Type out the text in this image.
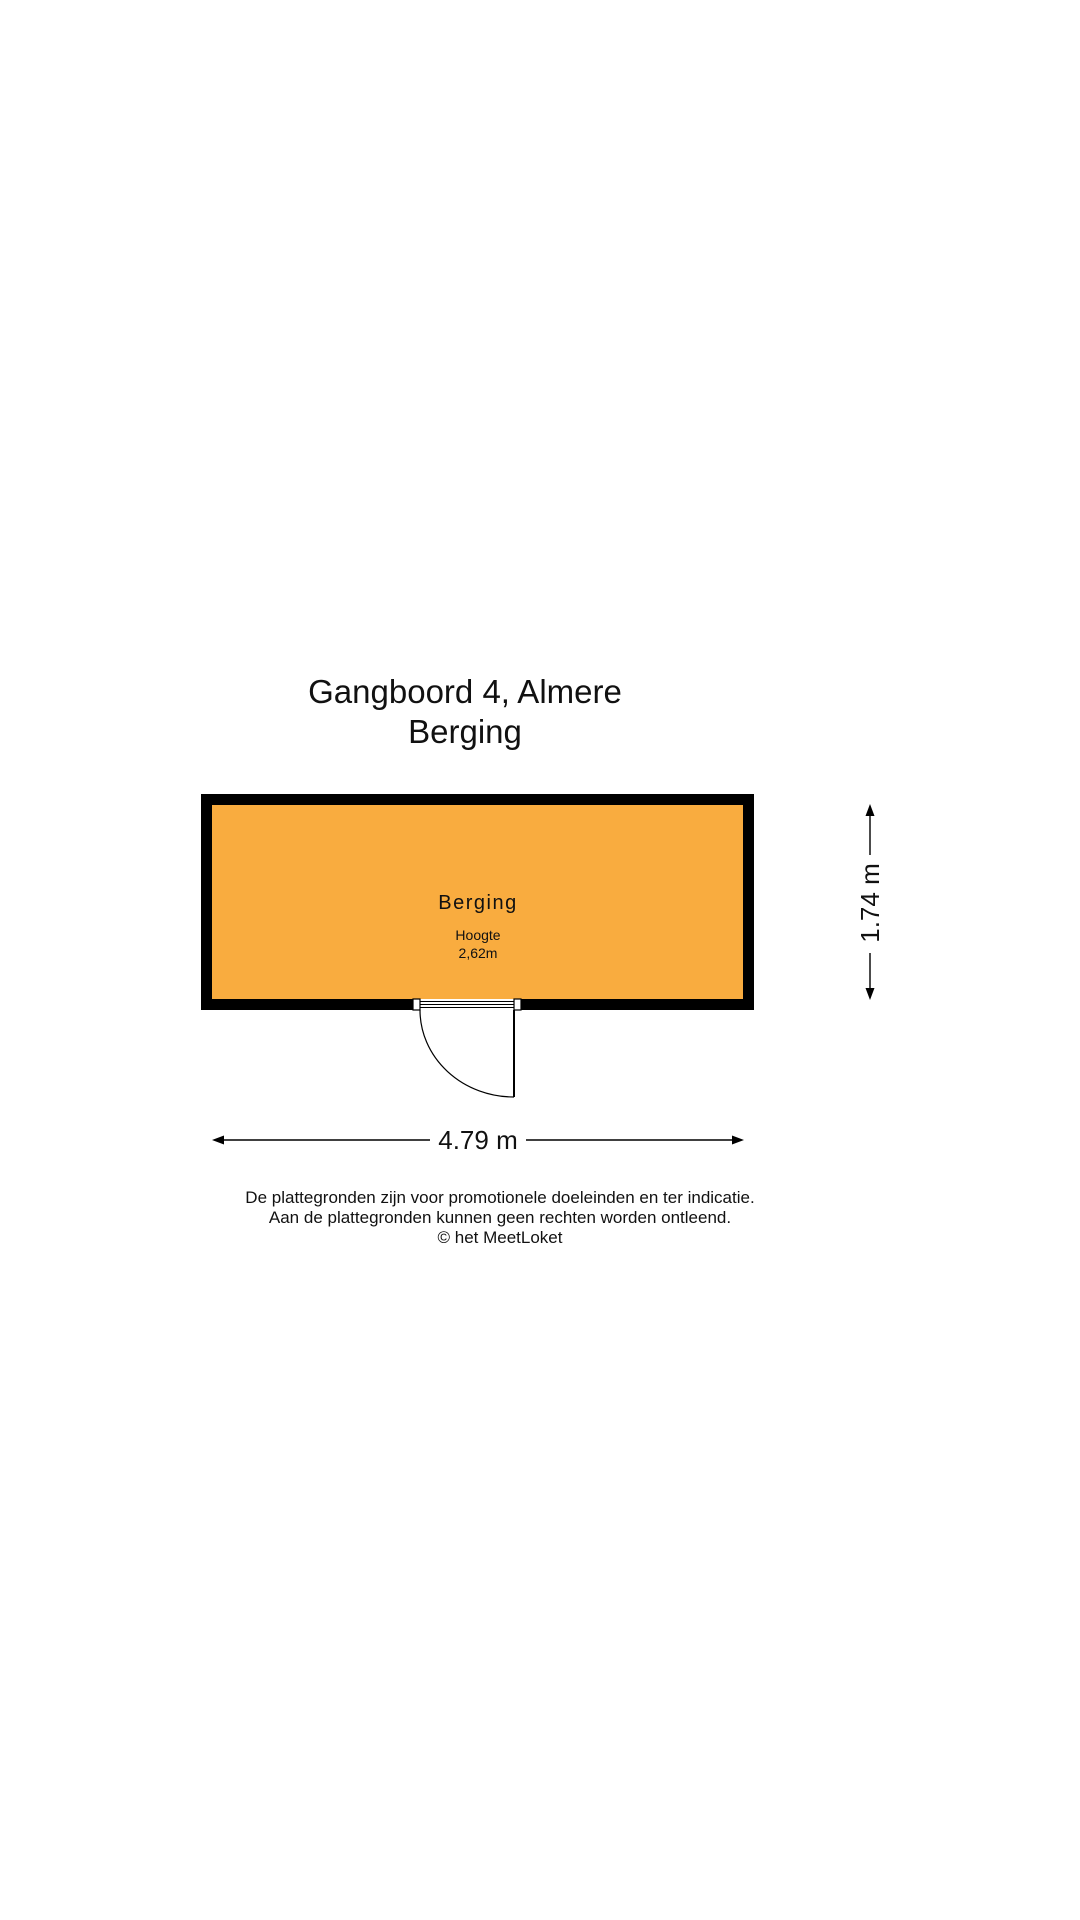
Gangboord 4, Almere
Berging
Berging
Hoogte
2,62m
4.79 m
1.74 m
De plattegronden zijn voor promotionele doeleinden en ter indicatie.
Aan de plattegronden kunnen geen rechten worden ontleend.
© het MeetLoket
